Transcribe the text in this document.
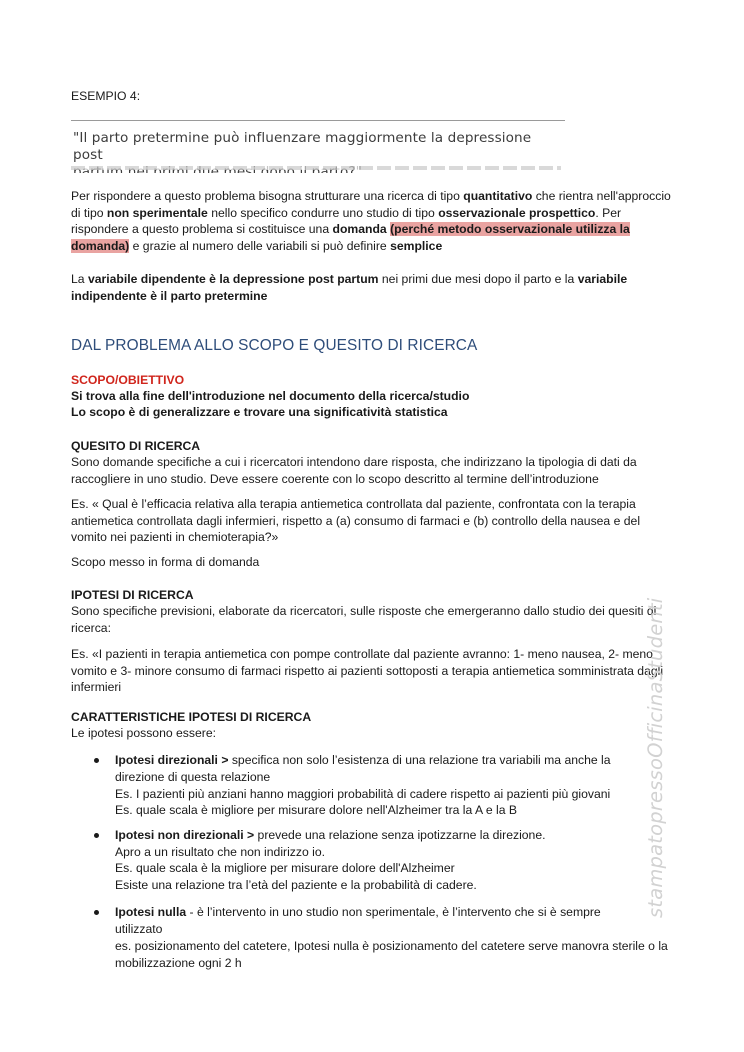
ESEMPIO 4:
"Il parto pretermine può influenzare maggiormente la depressione post

Per rispondere a questo problema bisogna strutturare una ricerca di tipo quantitativo che rientra nell'approccio di tipo non sperimentale nello specifico condurre uno studio di tipo osservazionale prospettico. Per rispondere a questo problema si costituisce una domanda (perché metodo osservazionale utilizza la domanda) e grazie al numero delle variabili si può definire semplice

La variabile dipendente è la depressione post partum nei primi due mesi dopo il parto e la variabile indipendente è il parto pretermine

DAL PROBLEMA ALLO SCOPO E QUESITO DI RICERCA
SCOPO/OBIETTIVO
Si trova alla fine dell'introduzione nel documento della ricerca/studio
Lo scopo è di generalizzare e trovare una significatività statistica
QUESITO DI RICERCA

Sono domande specifiche a cui i ricercatori intendono dare risposta, che indirizzano la tipologia di dati da raccogliere in uno studio. Deve essere coerente con lo scopo descritto al termine dell’introduzione

Es. « Qual è l’efficacia relativa alla terapia antiemetica controllata dal paziente, confrontata con la terapia antiemetica controllata dagli infermieri, rispetto a (a) consumo di farmaci e (b) controllo della nausea e del vomito nei pazienti in chemioterapia?»

Scopo messo in forma di domanda
IPOTESI DI RICERCA

Sono specifiche previsioni, elaborate da ricercatori, sulle risposte che emergeranno dallo studio dei quesiti di ricerca:

Es. «I pazienti in terapia antiemetica con pompe controllate dal paziente avranno: 1- meno nausea, 2- meno vomito e 3- minore consumo di farmaci rispetto ai pazienti sottoposti a terapia antiemetica somministrata dagli infermieri

CARATTERISTICHE IPOTESI DI RICERCA
Le ipotesi possono essere:

Ipotesi direzionali > specifica non solo l’esistenza di una relazione tra variabili ma anche la direzione di questa relazione

Es. I pazienti più anziani hanno maggiori probabilità di cadere rispetto ai pazienti più giovani
Es. quale scala è migliore per misurare dolore nell'Alzheimer tra la A e la B

Ipotesi non direzionali > prevede una relazione senza ipotizzarne la direzione.

Apro a un risultato che non indirizzo io.
Es. quale scala è la migliore per misurare dolore dell'Alzheimer
Esiste una relazione tra l’età del paziente e la probabilità di cadere.

Ipotesi nulla - è l’intervento in uno studio non sperimentale, è l’intervento che si è sempre utilizzato

es. posizionamento del catetere, Ipotesi nulla è posizionamento del catetere serve manovra sterile o la mobilizzazione ogni 2 h

stampatopressoOfficinaStudenti
